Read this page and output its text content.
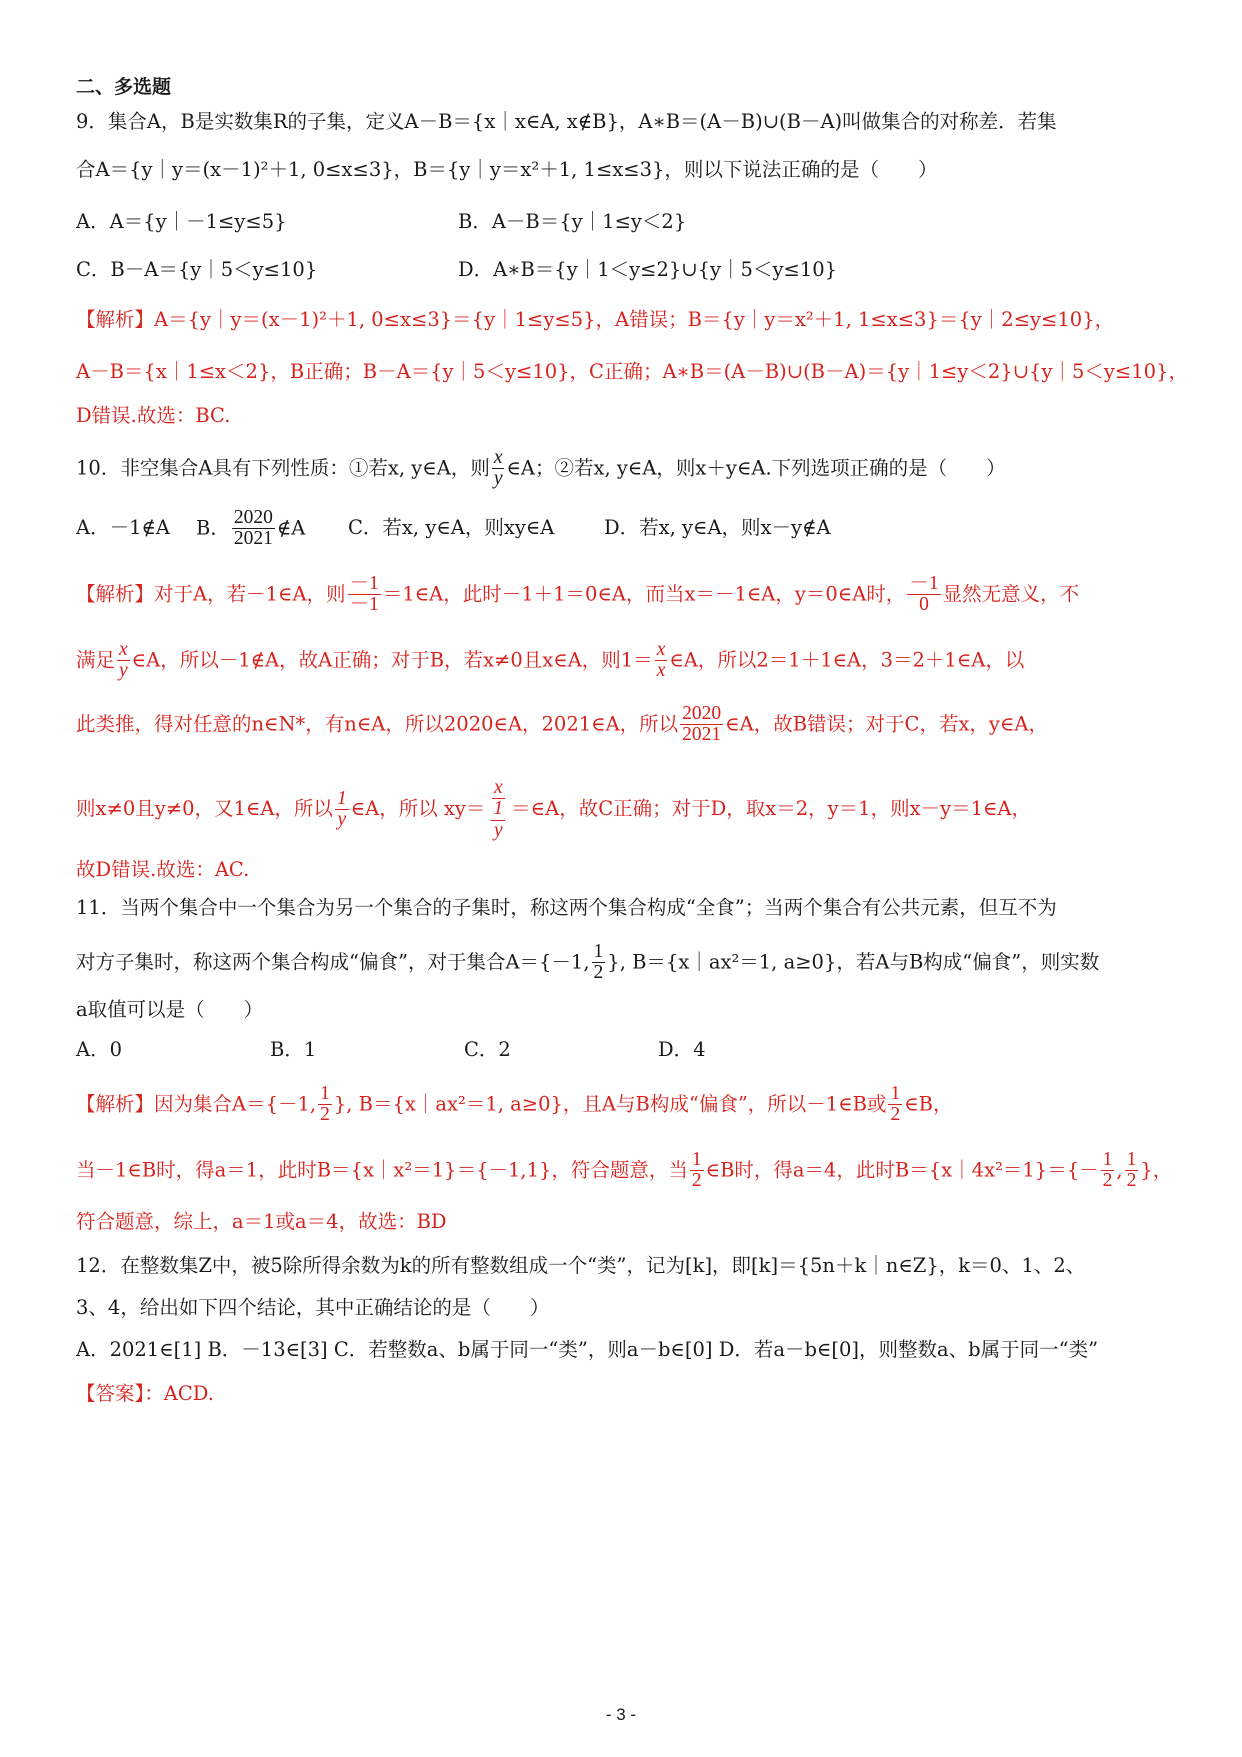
二、多选题
9．集合A，B是实数集R的子集，定义A－B＝{x｜x∈A, x∉B}，A∗B＝(A－B)∪(B－A)叫做集合的对称差．若集
合A＝{y｜y＝(x－1)²＋1, 0≤x≤3}，B＝{y｜y＝x²＋1, 1≤x≤3}，则以下说法正确的是（　　）
A．A＝{y｜－1≤y≤5}	B．A－B＝{y｜1≤y＜2}
C．B－A＝{y｜5＜y≤10}	D．A∗B＝{y｜1＜y≤2}∪{y｜5＜y≤10}
【解析】A＝{y｜y＝(x－1)²＋1, 0≤x≤3}＝{y｜1≤y≤5}，A错误；B＝{y｜y＝x²＋1, 1≤x≤3}＝{y｜2≤y≤10}，
A－B＝{x｜1≤x＜2}，B正确；B－A＝{y｜5＜y≤10}，C正确；A∗B＝(A－B)∪(B－A)＝{y｜1≤y＜2}∪{y｜5＜y≤10}，
D错误.故选：BC.
10．非空集合A具有下列性质：①若x, y∈A，则 $\frac{x}{y}$ ∈A；②若x, y∈A，则x＋y∈A.下列选项正确的是（　　）
A．－1∉A B． $\frac{2020}{2021}$ ∉A C．若x, y∈A，则xy∈A	D．若x, y∈A，则x－y∉A
【解析】对于A，若－1∈A，则 $\frac{-1}{-1}$ ＝1∈A，此时－1＋1＝0∈A，而当x＝－1∈A，y＝0∈A时， $\frac{-1}{0}$ 显然无意义，不
满足 $\frac{x}{y}$ ∈A，所以－1∉A，故A正确；对于B，若x≠0且x∈A，则$1= \frac{x}{x}$ ∈A，所以2＝1＋1∈A，3＝2＋1∈A，以
此类推，得对任意的n∈N*，有n∈A，所以2020∈A，2021∈A，所以 $\frac{2020}{2021}$ ∈A，故B错误；对于C，若x，y∈A，
则x≠0且y≠0，又1∈A，所以 $\frac{1}{y}$ ∈A，所以 $xy= \frac{x}{\frac{1}{y}}$ ＝∈A，故C正确；对于D，取x＝2，y＝1，则x－y＝1∈A，
故D错误.故选：AC.
11．当两个集合中一个集合为另一个集合的子集时，称这两个集合构成“全食”；当两个集合有公共元素，但互不为
对方子集时，称这两个集合构成“偏食”，对于集合A＝{－1, $\frac{1}{2}$ }, B＝{x｜ax²＝1, a≥0}，若A与B构成“偏食”，则实数
a取值可以是（　　）
A．0	B．1	C．2	D．4
【解析】因为集合A＝{－1, $\frac{1}{2}$ }, B＝{x｜ax²＝1, a≥0}，且A与B构成“偏食”，所以－1∈B或 $\frac{1}{2}$ ∈B，
当－1∈B时，得a＝1，此时B＝{x｜x²＝1}＝{－1,1}，符合题意，当 $\frac{1}{2}$ ∈B时，得a＝4，此时B＝{x｜4x²＝1}＝{－ $\frac{1}{2}$ , $\frac{1}{2}$ }，
符合题意，综上，a＝1或a＝4，故选：BD
12．在整数集Z中，被5除所得余数为k的所有整数组成一个“类”，记为[k]，即[k]＝{5n＋k｜n∈Z}，k＝0、1、2、
3、4，给出如下四个结论，其中正确结论的是（　　）
A．2021∈[1] B．－13∈[3] C．若整数a、b属于同一“类”，则a－b∈[0] D．若a－b∈[0]，则整数a、b属于同一“类”
【答案】：ACD.
- 3 -
